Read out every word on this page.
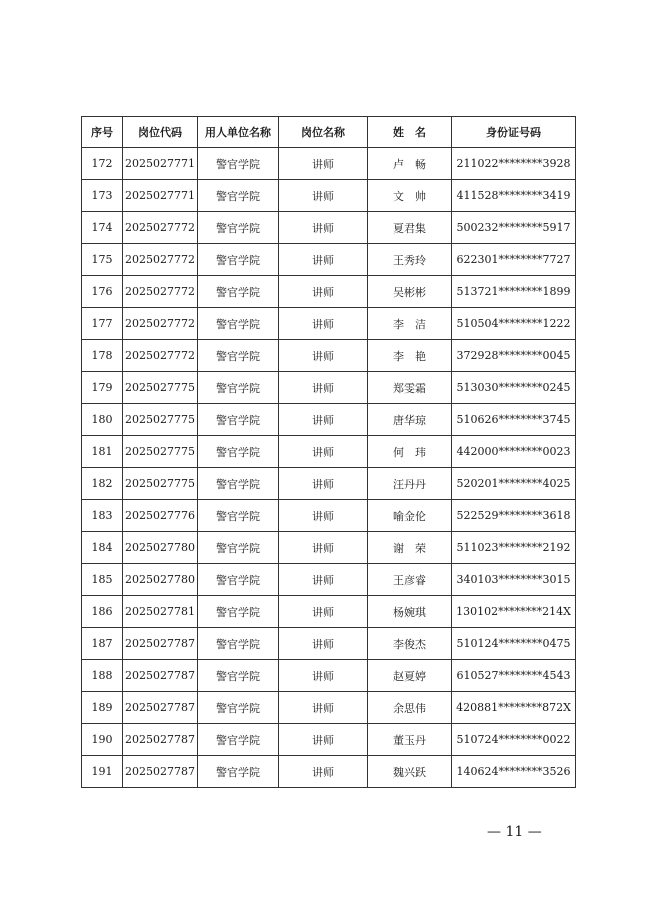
序号	岗位代码	用人单位名称	岗位名称	姓　名	身份证号码
172	2025027771	警官学院	讲师	卢　畅	211022********3928
173	2025027771	警官学院	讲师	文　帅	411528********3419
174	2025027772	警官学院	讲师	夏君集	500232********5917
175	2025027772	警官学院	讲师	王秀玲	622301********7727
176	2025027772	警官学院	讲师	吴彬彬	513721********1899
177	2025027772	警官学院	讲师	李　洁	510504********1222
178	2025027772	警官学院	讲师	李　艳	372928********0045
179	2025027775	警官学院	讲师	郑雯霜	513030********0245
180	2025027775	警官学院	讲师	唐华琼	510626********3745
181	2025027775	警官学院	讲师	何　玮	442000********0023
182	2025027775	警官学院	讲师	汪丹丹	520201********4025
183	2025027776	警官学院	讲师	喻金伦	522529********3618
184	2025027780	警官学院	讲师	谢　荣	511023********2192
185	2025027780	警官学院	讲师	王彦睿	340103********3015
186	2025027781	警官学院	讲师	杨婉琪	130102********214X
187	2025027787	警官学院	讲师	李俊杰	510124********0475
188	2025027787	警官学院	讲师	赵夏婷	610527********4543
189	2025027787	警官学院	讲师	余思伟	420881********872X
190	2025027787	警官学院	讲师	董玉丹	510724********0022
191	2025027787	警官学院	讲师	魏兴跃	140624********3526
— 11 —
